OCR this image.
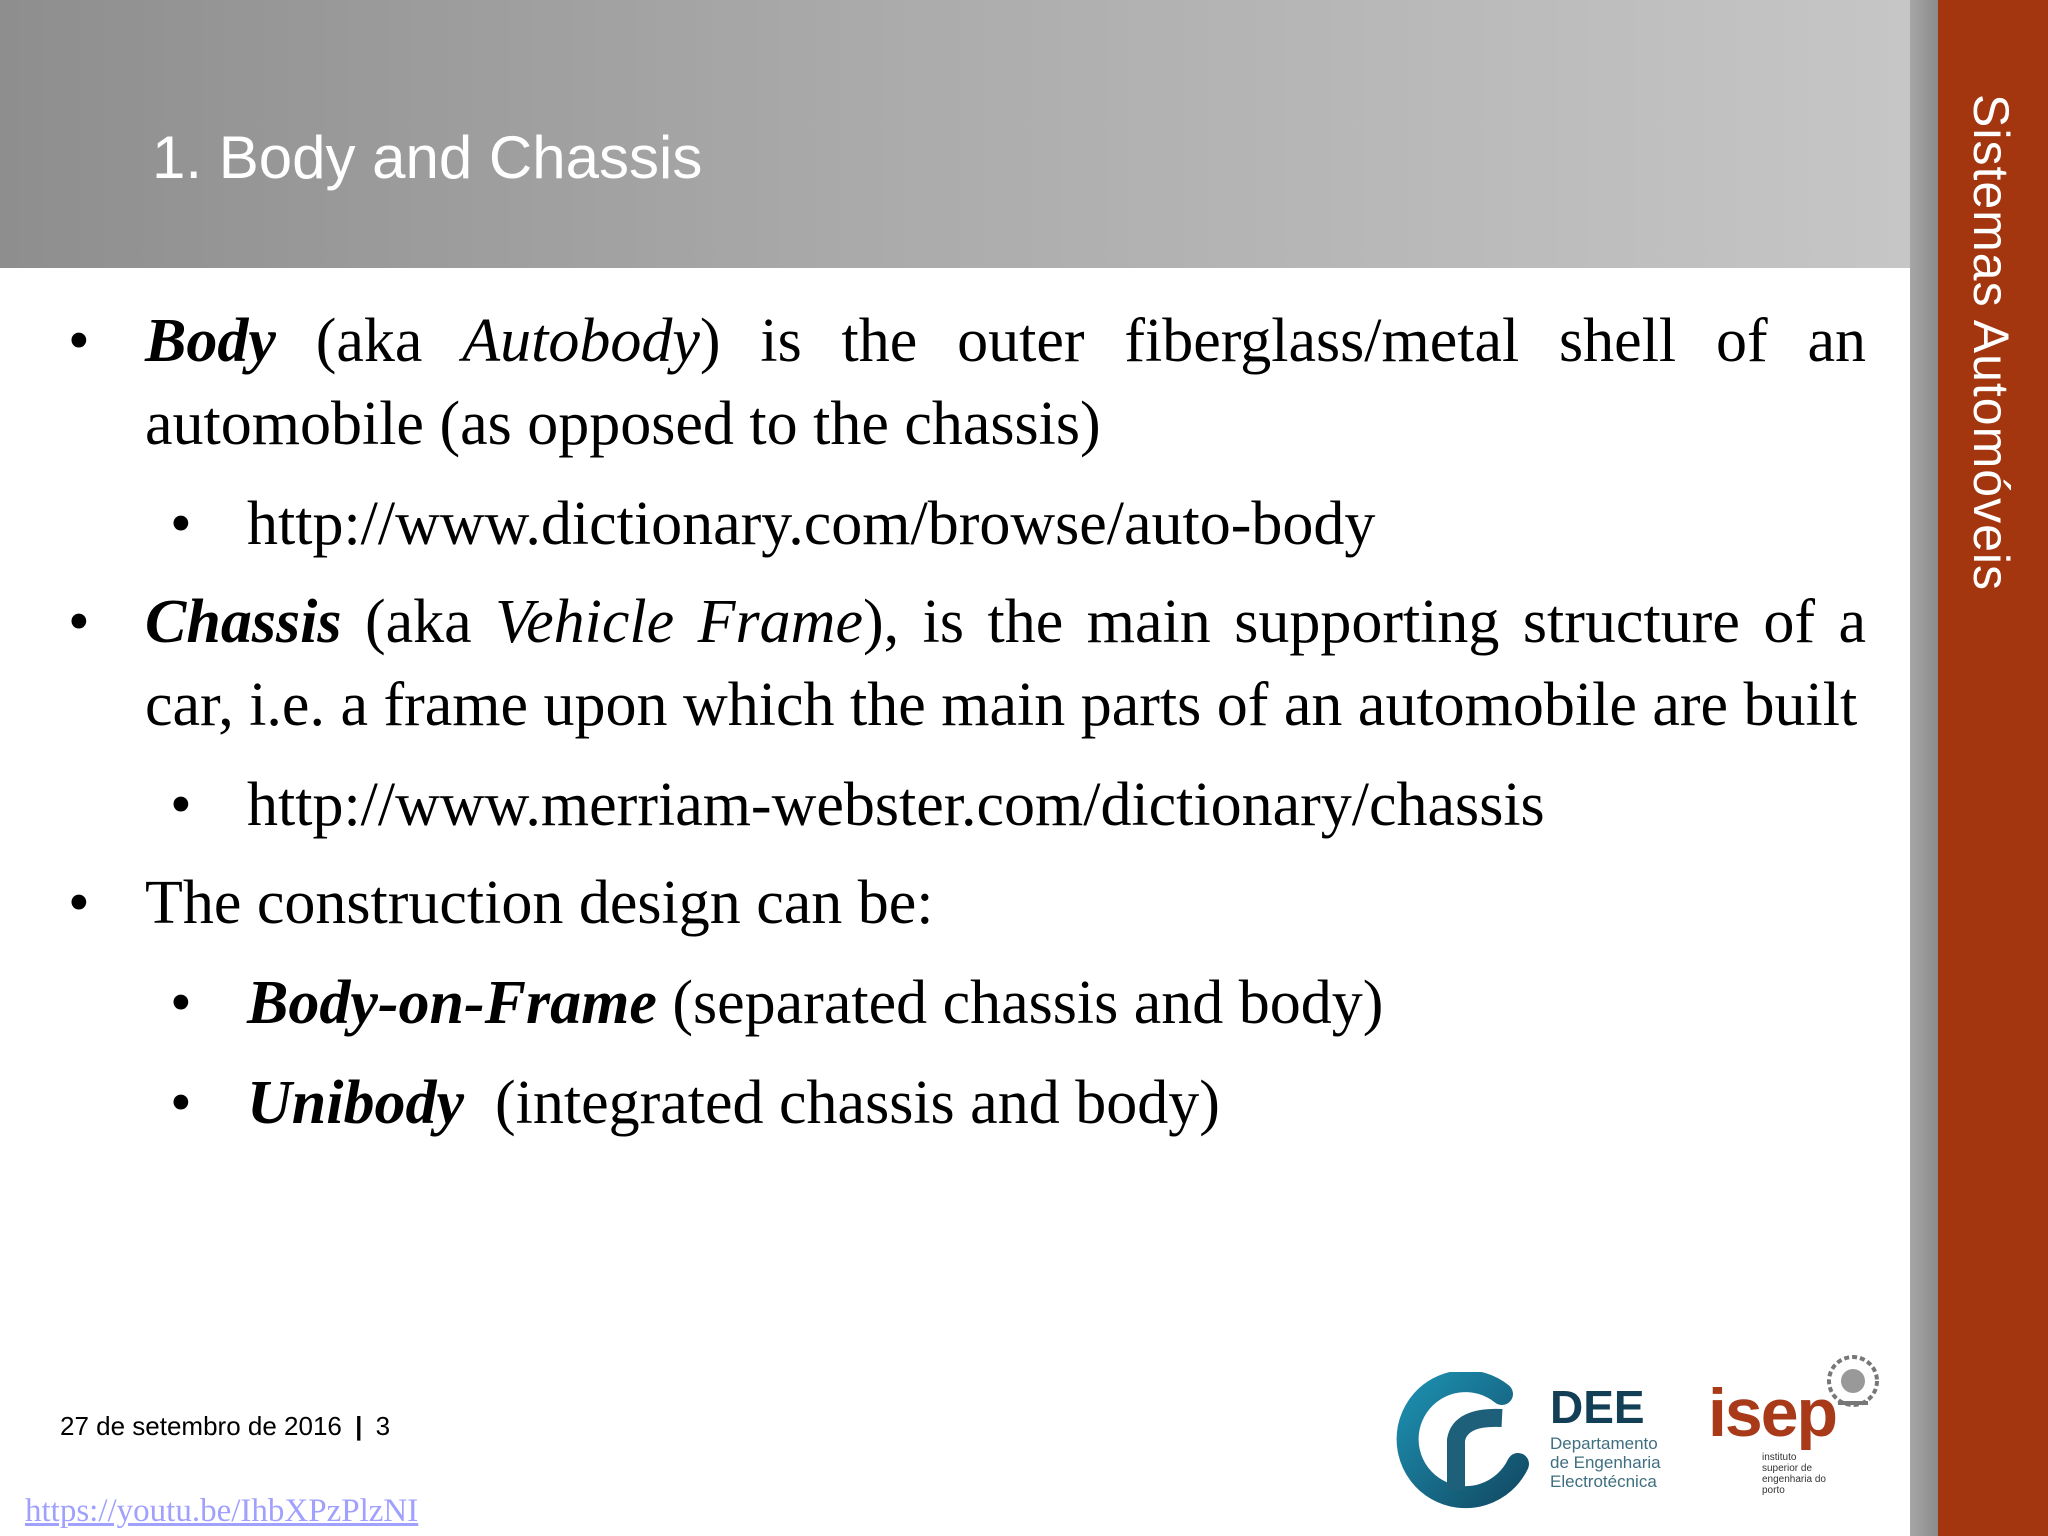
1. Body and Chassis	Sistemas Automóveis
• Body (aka Autobody) is the outer fiberglass/metal shell of an automobile (as opposed to the chassis)
• http://www.dictionary.com/browse/auto-body
• Chassis (aka Vehicle Frame), is the main supporting structure of a car, i.e. a frame upon which the main parts of an automobile are built
• http://www.merriam-webster.com/dictionary/chassis
• The construction design can be:
• Body-on-Frame (separated chassis and body)
• Unibody  (integrated chassis and body)
27 de setembro de 2016 | 3
https://youtu.be/IhbXPzPlzNI
DEE
Departamento
de Engenharia
Electrotécnica
isep
instituto
superior de
engenharia do
porto
